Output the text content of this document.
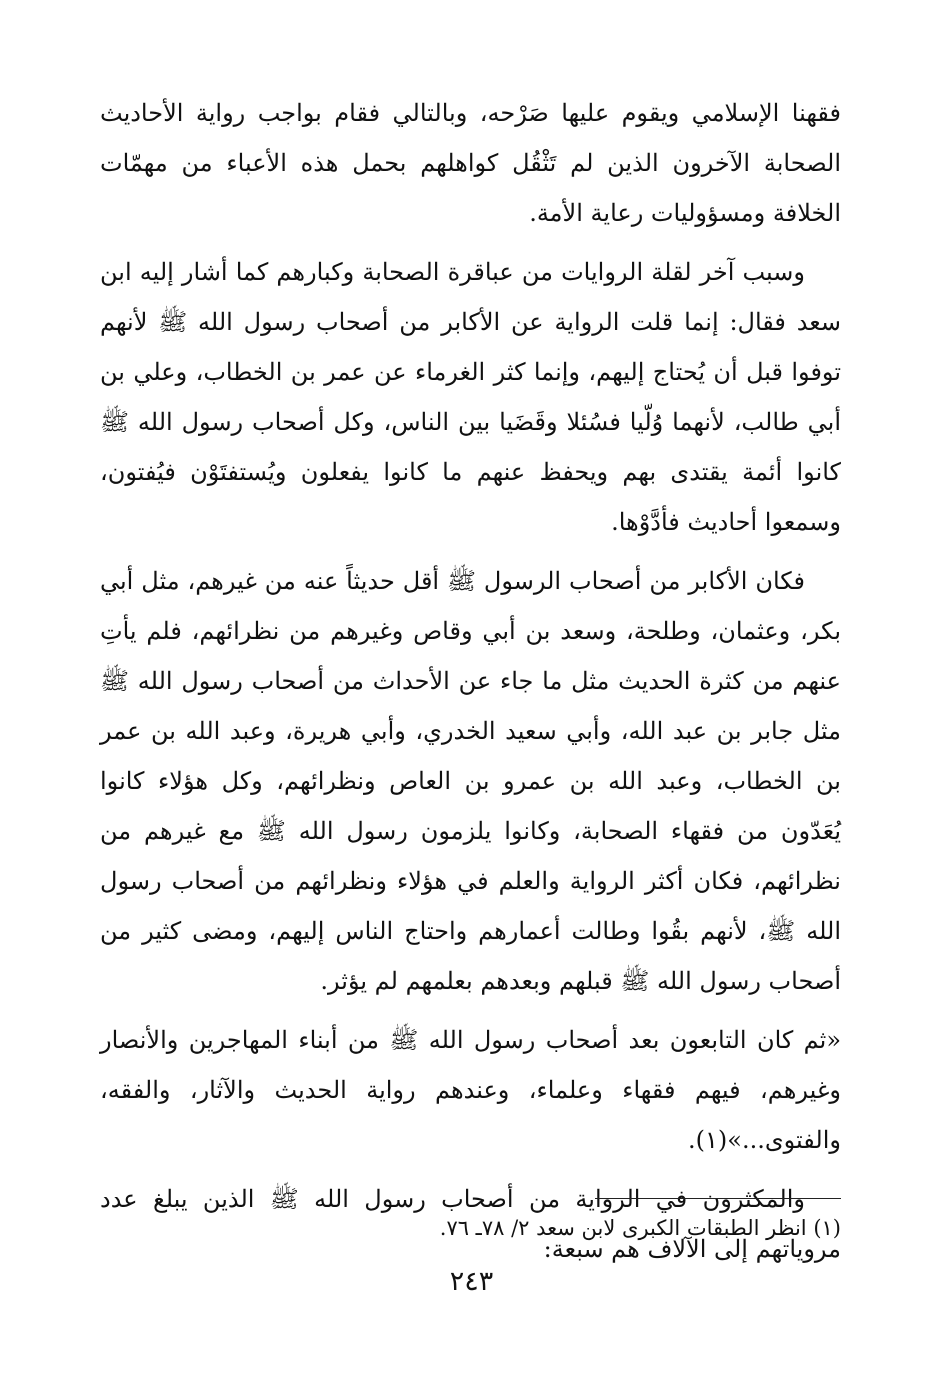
فقهنا الإسلامي ويقوم عليها صَرْحه، وبالتالي فقام بواجب رواية الأحاديث الصحابة الآخرون الذين لم تَثْقُل كواهلهم بحمل هذه الأعباء من مهمّات الخلافة ومسؤوليات رعاية الأمة.

وسبب آخر لقلة الروايات من عباقرة الصحابة وكبارهم كما أشار إليه ابن سعد فقال: إنما قلت الرواية عن الأكابر من أصحاب رسول الله ﷺ لأنهم توفوا قبل أن يُحتاج إليهم، وإنما كثر الغرماء عن عمر بن الخطاب، وعلي بن أبي طالب، لأنهما وُلّيا فسُئلا وقَضَيا بين الناس، وكل أصحاب رسول الله ﷺ كانوا أئمة يقتدى بهم ويحفظ عنهم ما كانوا يفعلون ويُستفتَوْن فيُفتون، وسمعوا أحاديث فأدَّوْها.

فكان الأكابر من أصحاب الرسول ﷺ أقل حديثاً عنه من غيرهم، مثل أبي بكر، وعثمان، وطلحة، وسعد بن أبي وقاص وغيرهم من نظرائهم، فلم يأتِ عنهم من كثرة الحديث مثل ما جاء عن الأحداث من أصحاب رسول الله ﷺ مثل جابر بن عبد الله، وأبي سعيد الخدري، وأبي هريرة، وعبد الله بن عمر بن الخطاب، وعبد الله بن عمرو بن العاص ونظرائهم، وكل هؤلاء كانوا يُعَدّون من فقهاء الصحابة، وكانوا يلزمون رسول الله ﷺ مع غيرهم من نظرائهم، فكان أكثر الرواية والعلم في هؤلاء ونظرائهم من أصحاب رسول الله ﷺ، لأنهم بقُوا وطالت أعمارهم واحتاج الناس إليهم، ومضى كثير من أصحاب رسول الله ﷺ قبلهم وبعدهم بعلمهم لم يؤثر.

«ثم كان التابعون بعد أصحاب رسول الله ﷺ من أبناء المهاجرين والأنصار وغيرهم، فيهم فقهاء وعلماء، وعندهم رواية الحديث والآثار، والفقه، والفتوى...»(١).

والمكثرون في الرواية من أصحاب رسول الله ﷺ الذين يبلغ عدد مروياتهم إلى الآلاف هم سبعة:

(١) انظر الطبقات الكبرى لابن سعد ٢/ ٧٨ـ ٧٦.
٢٤٣
